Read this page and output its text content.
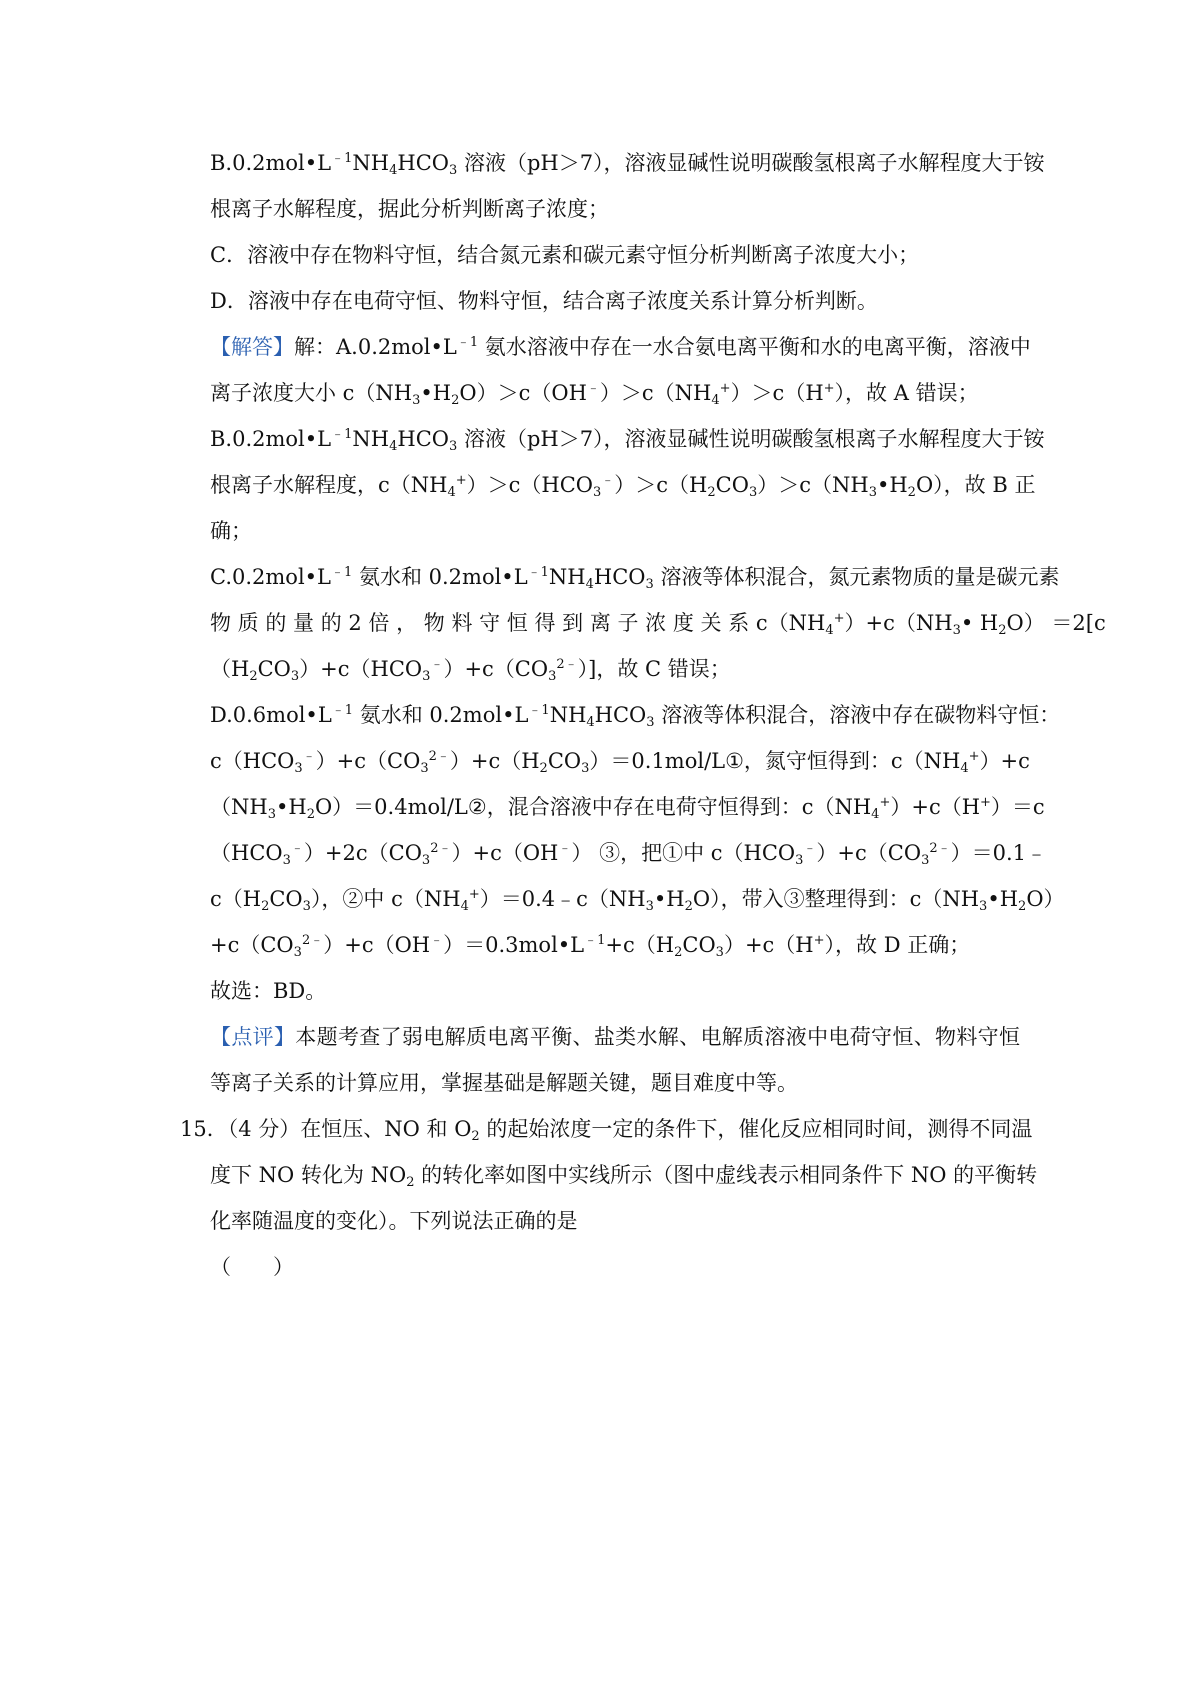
$B.0.2mol•L^{﹣1}NH_4HCO_3$ 溶液（pH＞7），溶液显碱性说明碳酸氢根离子水解程度大于铵
根离子水解程度，据此分析判断离子浓度；
C．溶液中存在物料守恒，结合氮元素和碳元素守恒分析判断离子浓度大小；
D．溶液中存在电荷守恒、物料守恒，结合离子浓度关系计算分析判断。
【解答】解：$A.0.2mol•L^{﹣1}$ 氨水溶液中存在一水合氨电离平衡和水的电离平衡，溶液中
离子浓度大小 $c(NH_3•H_2O)>c(OH^﹣)>c(NH_4^+)>c(H^+)$，故 A 错误；
$B.0.2mol•L^{﹣1}NH_4HCO_3$ 溶液（pH＞7），溶液显碱性说明碳酸氢根离子水解程度大于铵
根离子水解程度，$c(NH_4^+)>c(HCO_3^﹣)>c(H_2CO_3)>c(NH_3•H_2O)$，故 B 正
确；
$C.0.2mol•L^{﹣1}$ 氨水和 $0.2mol•L^{﹣1}NH_4HCO_3$ 溶液等体积混合，氮元素物质的量是碳元素
物 质 的 量 的 2 倍 ， 物 料 守 恒 得 到 离 子 浓 度 关 系 $c(NH_4^+)+c(NH_3•$ $H_2O) =2[c$
$(H_2CO_3)+c(HCO_3^﹣)+c(CO_3^{2﹣})$]，故 C 错误；
$D.0.6mol•L^{﹣1}$ 氨水和 $0.2mol•L^{﹣1}NH_4HCO_3$ 溶液等体积混合，溶液中存在碳物料守恒：
$c(HCO_3^﹣)+c(CO_3^{2﹣})+c(H_2CO_3)=0.1mol/L①$，氮守恒得到：$c(NH_4^+)+c$
$(NH_3•H_2O)=0.4mol/L②$，混合溶液中存在电荷守恒得到：$c(NH_4^+)+c(H^+)=c$
$(HCO_3^﹣)+2c(CO_3^{2﹣})+c(OH^﹣)$ ③，把①中 $c(HCO_3^﹣)+c(CO_3^{2﹣})=0.1﹣$
$c(H_2CO_3)$，②中 $c(NH_4^+)=0.4﹣c(NH_3•H_2O)$，带入③整理得到：$c(NH_3•H_2O)$
$+c(CO_3^{2﹣})+c(OH^﹣)=0.3mol•L^{﹣1}+c(H_2CO_3)+c(H^+)$，故 D 正确；
故选：BD。
【点评】本题考查了弱电解质电离平衡、盐类水解、电解质溶液中电荷守恒、物料守恒
等离子关系的计算应用，掌握基础是解题关键，题目难度中等。
15．（4 分）在恒压、NO 和 $O_2$ 的起始浓度一定的条件下，催化反应相同时间，测得不同温
度下 NO 转化为 $NO_2$ 的转化率如图中实线所示（图中虚线表示相同条件下 NO 的平衡转
化率随温度的变化）。下列说法正确的是
（　　）
